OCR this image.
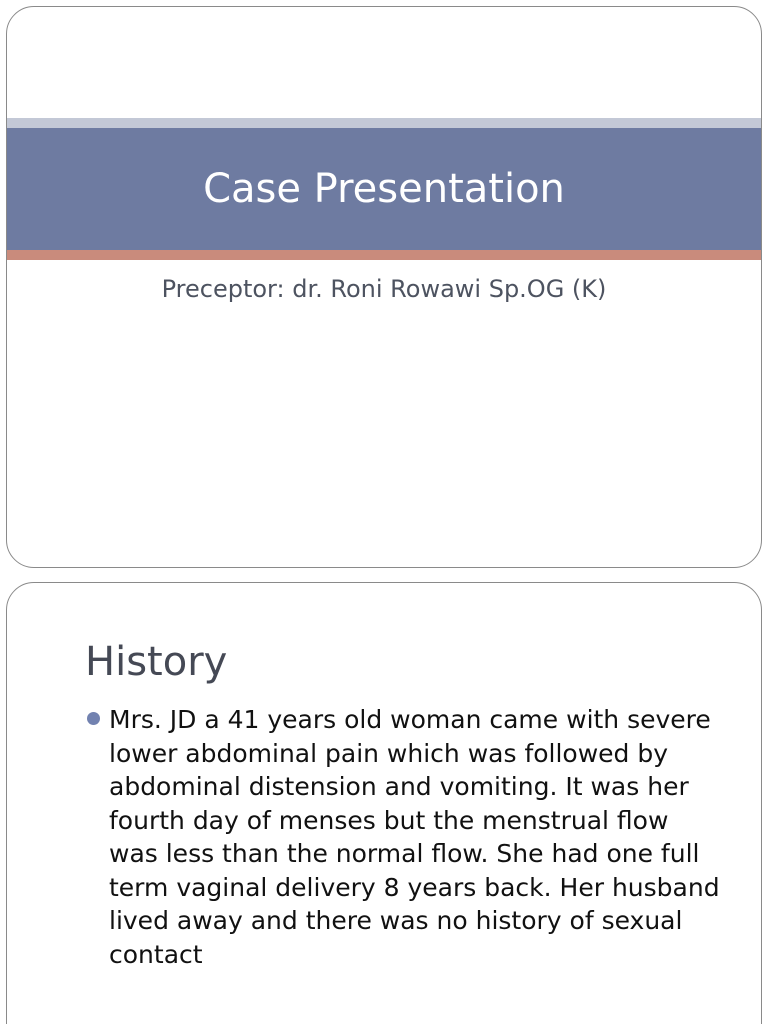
Case Presentation

Preceptor: dr. Roni Rowawi Sp.OG (K)

History
Mrs. JD a 41 years old woman came with severe lower abdominal pain which was followed by abdominal distension and vomiting. It was her fourth day of menses but the menstrual flow was less than the normal flow. She had one full term vaginal delivery 8 years back. Her husband lived away and there was no history of sexual contact
